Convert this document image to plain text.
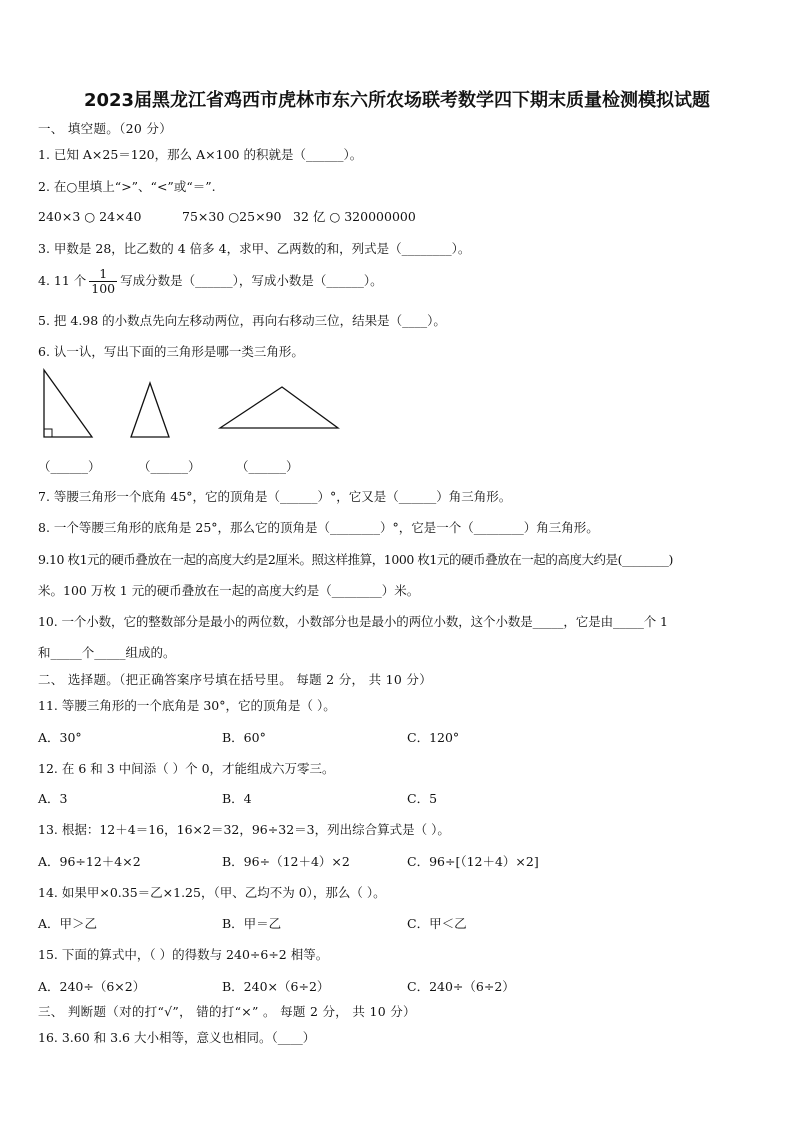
2023届黑龙江省鸡西市虎林市东六所农场联考数学四下期末质量检测模拟试题
一、 填空题。（20 分）
1. 已知 A×25＝120，那么 A×100 的积就是（______）。
2. 在○里填上“>”、“<”或“＝”.
240×3 ○ 24×40	75×30 ○25×90 32 亿 ○ 320000000
3. 甲数是 28，比乙数的 4 倍多 4，求甲、乙两数的和，列式是（________）。
4. 11 个 $\frac{1}{100}$ 写成分数是（______），写成小数是（______）。
5. 把 4.98 的小数点先向左移动两位，再向右移动三位，结果是（____）。
6. 认一认，写出下面的三角形是哪一类三角形。
（______）	（______）	（______）
7. 等腰三角形一个底角 45°，它的顶角是（______）°，它又是（______）角三角形。
8. 一个等腰三角形的底角是 25°，那么它的顶角是（________）°，它是一个（________）角三角形。
9.10 枚1元的硬币叠放在一起的高度大约是2厘米。照这样推算，1000 枚1元的硬币叠放在一起的高度大约是(________)
米。100 万枚 1 元的硬币叠放在一起的高度大约是（________）米。
10. 一个小数，它的整数部分是最小的两位数，小数部分也是最小的两位小数，这个小数是_____，它是由_____个 1
和_____个_____组成的。
二、 选择题。（把正确答案序号填在括号里。 每题 2 分， 共 10 分）
11. 等腰三角形的一个底角是 30°，它的顶角是（ ）。
A．30°	B．60°	C．120°
12. 在 6 和 3 中间添（ ）个 0，才能组成六万零三。
A．3	B．4	C．5
13. 根据：12＋4＝16，16×2＝32，96÷32＝3，列出综合算式是（ ）。
A．96÷12＋4×2	B．96÷（12＋4）×2	C．96÷[（12＋4）×2]
14. 如果甲×0.35＝乙×1.25，（甲、乙均不为 0），那么（ ）。
A．甲＞乙	B．甲＝乙	C．甲＜乙
15. 下面的算式中，（ ）的得数与 240÷6÷2 相等。
A．240÷（6×2）	B．240×（6÷2）	C．240÷（6÷2）
三、 判断题（对的打“√”， 错的打“×” 。 每题 2 分， 共 10 分）
16. 3.60 和 3.6 大小相等，意义也相同。（____）
